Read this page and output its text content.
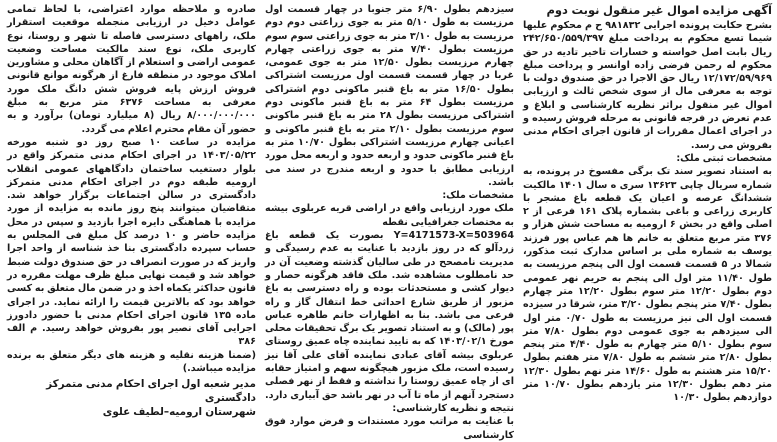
آگهی مزایده اموال غیر منقول نوبت دوم

بشرح حکایت پرونده اجرایی ۹۸۱۸۳۲ ح م محکوم علیها شیما تسع محکوم به پرداخت مبلغ ۲۴۲/۶۵۰/۵۵۹/۳۹۷ ریال بابت اصل خواسته و خسارات تاخیر تادیه در حق محکوم له رحمن فرضی زاده اوانسر و پرداخت مبلغ ۱۲/۱۷۲/۵۹/۹۶۹ ریال حق الاجرا در حق صندوق دولت با توجه به معرفی مال از سوی شخص ثالث و ارزیابی اموال غیر منقول براثر نظریه کارشناسی و ابلاغ و عدم تعرض در فرجه قانونی به مرحله فروش رسیده و در اجرای اعمال مقررات از قانون اجرای احکام مدنی بفروش می رسد.

مشخصات ثبتی ملک:

به استناد تصویر سند تک برگی مفسوخ در پرونده، به شماره سریال چاپی ۱۳۶۲۳ سری ه سال ۱۴۰۱ مالکیت ششدانگ عرصه و اعیان یک قطعه باغ مشجر با کاربری زراعی و باغی بشماره پلاک ۱۶۱ فرعی از ۲ اصلی واقع در بخش ۶ ارومیه به مساحت شش هزار و ۳۷۶ متر مربع متعلق به خانم ها هم عباس پور فرزند یوسف به شماره ملی بر اساس مدارک ثبت مذکور، شمالا در ۵ قسمت قسمت اول الی پنجم مرزیست به طول ۱۱/۴۰ متر اول الی پنجم به حریم نهر عمومی دوم بطول ۱۲/۲۰ متر سوم بطول ۱۲/۲۰ متر چهارم بطول ۷/۴۰ متر پنجم بطول ۳/۲۰ متر، شرقا در سیزده قسمت اول الی نیز مرزیست به طول ۰/۷۰ متر اول الی سیزدهم به جوی عمومی دوم بطول ۷/۸۰ متر سوم بطول ۵/۱۰ متر چهارم به طول ۴/۴۰ متر پنجم بطول ۲/۸۰ متر ششم به طول ۷/۸۰ متر هفتم بطول ۱۵/۲۰ متر هشتم به طول ۱۴/۶۰ متر نهم بطول ۱۲/۳۰ متر دهم بطول ۱۲/۳۰ متر یازدهم بطول ۱۰/۷۰ متر دوازدهم بطول ۱۰/۳۰

سیزدهم بطول ۶/۹۰ متر جنوبا در چهار قسمت اول مرزیست به طول ۵/۱۰ متر به جوی زراعتی دوم دوم مرزیست به طول ۳/۱۰ متر به جوی زراعتی سوم سوم مرزیست بطول ۷/۴۰ متر به جوی زراعتی چهارم چهارم مرزیست بطول ۱۲/۵۰ متر به جوی عمومی، غربا در چهار قسمت قسمت اول مرزیست اشتراکی بطول ۱۶/۵۰ متر به باغ قنبر ماکونی دوم اشتراکی مرزیست بطول ۶۴ متر به باغ قنبر ماکونی دوم اشتراکی مرزیست بطول ۲۸ متر به باغ قنبر ماکونی سوم مرزیست بطول ۲/۱۰ متر به باغ قنبر ماکونی و اعیانی چهارم مرزیست اشتراکی بطول ۱۰/۷۰ متر به باغ قنبر ماکونی حدود و اربعه حدود و اربعه محل مورد ارزیابی مطابق با حدود و اربعه مندرج در سند می باشد.

مشخصات ملک:

ملک مورد ارزیابی واقع در اراضی قریه عربلوی بیشه به مختصات جغرافیایی نقطه

Y=4171573-X=503964 بصورت یک قطعه باغ زردآلو که در روز بازدید با عنایت به عدم رسیدگی و مدیریت نامصحح در طی سالیان گذشته وضعیت آن در حد نامطلوب مشاهده شد. ملک فاقد هرگونه حصار و دیوار کشی و مستحدثات بوده و راه دسترسی به باغ مزبور از طریق شارع احداثی خط انتقال گاز و راه فرعی می باشد. بنا به اظهارات خانم طاهره عباس پور (مالک) و به استناد تصویر یک برگ تحقیقات محلی مورخ ۱۴۰۳/۰۲/۱ که به تایید نماینده چاه عمیق روستای عربلوی بیشه آقای عبادی نماینده آقای علی آقا نیز رسیده است، ملک مزبور هیچگونه سهم و امتیاز حقابه ای از چاه عمیق روستا را نداشته و فقط از نهر فصلی دستجرد آنهم از ماه تا آب در نهر باشد حق آبیاری دارد. نتیجه و نظریه کارشناسی:

با عنایت به مراتب مورد مستندات و فرض موارد فوق کارشناسی

صادره و ملاحظه موارد اعتراضی، با لحاظ تمامی عوامل دخیل در ارزیابی منجمله موقعیت استقرار ملک، راههای دسترسی فاصله تا شهر و روستا، نوع کاربری ملک، نوع سند مالکیت مساحت وضعیت عمومی اراضی و استعلام از آگاهان محلی و مشاورین املاک موجود در منطقه فارغ از هرگونه موانع قانونی فروش ارزش پایه فروش شش دانگ ملک مورد معرفی به مساحت ۶۳۷۶ متر مربع به مبلغ ۸/۰۰۰/۰۰۰/۰۰۰ ریال (۸ میلیارد تومان) برآورد و به حضور آن مقام محترم اعلام می گردد.

مزایده در ساعت ۱۰ صبح روز دو شنبه مورخه ۱۴۰۳/۰۵/۲۲ در اجرای احکام مدنی متمرکز واقع در بلوار دستغیب ساختمان دادگاههای عمومی انقلاب ارومیه طبقه دوم در اجرای احکام مدنی متمرکز دادگستری در سالن اجتماعات برگزار خواهد شد. متقاضیان میتوانند پنج روز مانده به مزایده از مورد مزایده با هماهنگی دایره اجرا بازدید و سپس در محل مزایده حاضر و ۱۰ درصد کل مبلغ فی المجلس به حساب سپرده دادگستری بنا خذ شناسه از واحد اجرا واریز که در صورت انصراف در حق صندوق دولت ضبط خواهد شد و قیمت نهایی مبلغ ظرف مهلت مقرره در قانون حداکثر یکماه اخذ و در ضمن مال متعلق به کسی خواهد بود که بالاترین قیمت را ارائه نماید. در اجرای ماده ۱۳۵ قانون اجرای احکام مدنی با حضور دادورز اجرایی آقای نصیر پور بفروش خواهد رسید. م الف ۳۸۶

(ضمنا هزینه نقلیه و هزینه های دیگر متعلق به برنده مزایده میباشد.)

مدیر شعبه اول اجرای احکام مدنی متمرکز دادگستری
شهرستان ارومیه–لطیف علوی
